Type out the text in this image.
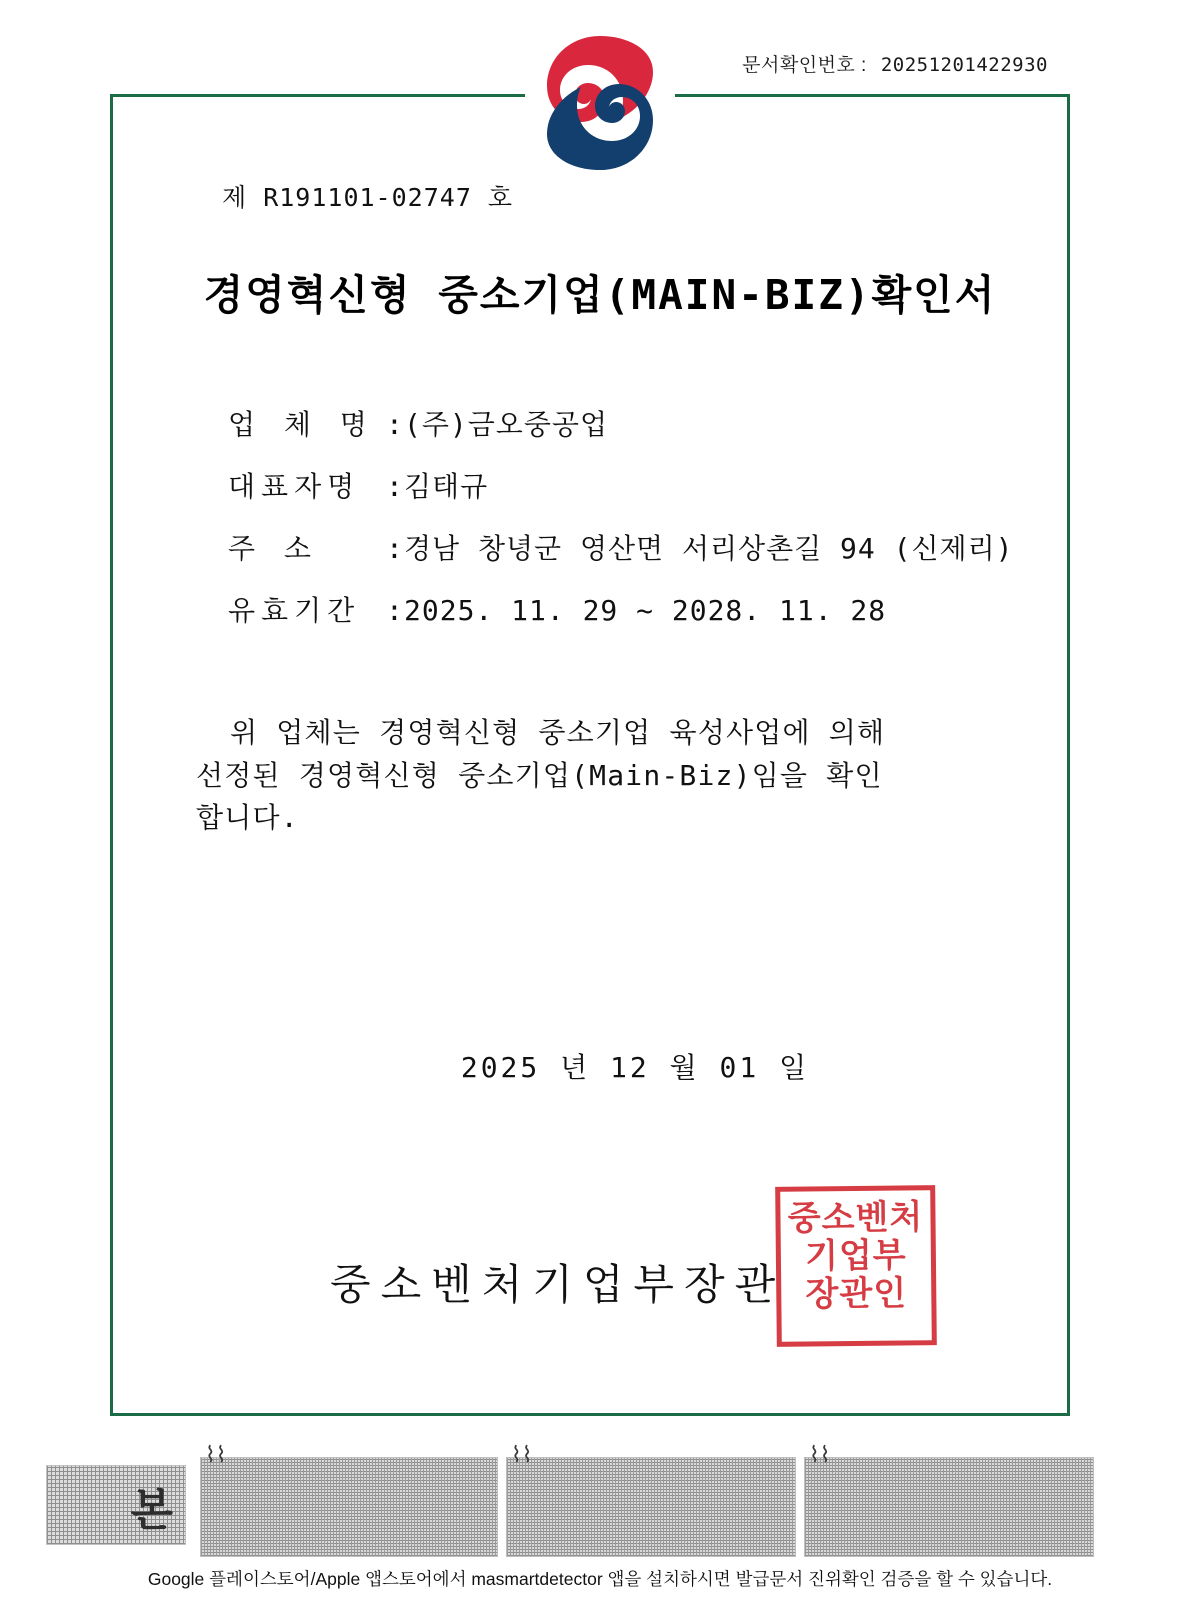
문서확인번호 : 20251201422930
제 R191101-02747 호
경영혁신형 중소기업(MAIN-BIZ)확인서
업 체 명 : (주)금오중공업
대표자명 : 김태규
주 소	: 경남 창녕군 영산면 서리상촌길 94 (신제리)
유효기간 : 2025. 11. 29 ~ 2028. 11. 28
위 업체는 경영혁신형 중소기업 육성사업에 의해
선정된 경영혁신형 중소기업(Main-Biz)임을 확인
합니다.
2025 년 12 월 01 일
중소벤처기업부장관
중소벤처
기업부
장관인
본
⌇⌇	⌇⌇	⌇⌇
Google 플레이스토어/Apple 앱스토어에서 masmartdetector 앱을 설치하시면 발급문서 진위확인 검증을 할 수 있습니다.
